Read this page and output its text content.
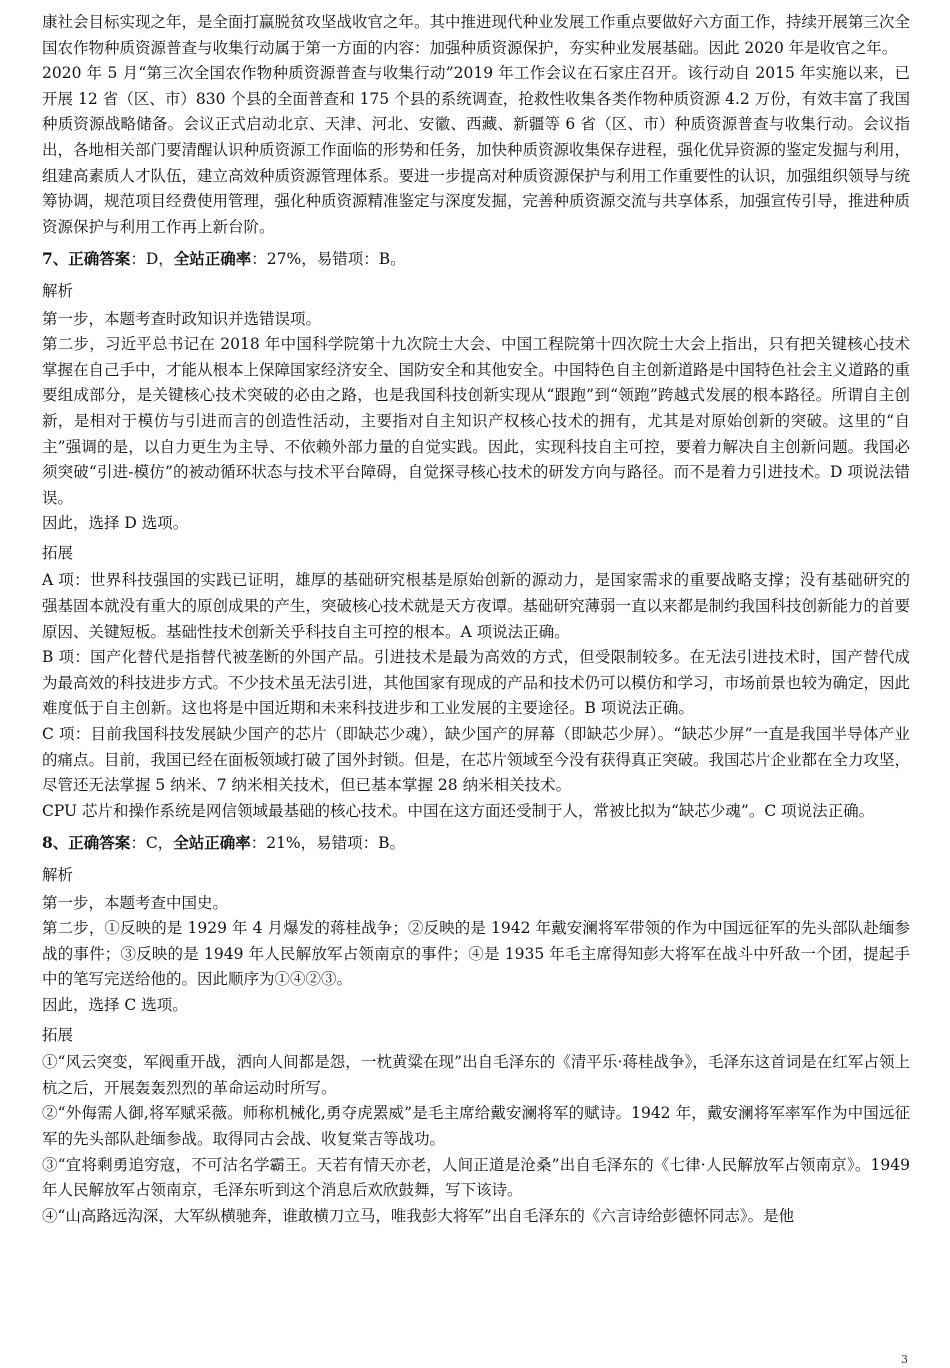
康社会目标实现之年，是全面打赢脱贫攻坚战收官之年。其中推进现代种业发展工作重点要做好六方面工作，持续开展第三次全国农作物种质资源普查与收集行动属于第一方面的内容：加强种质资源保护，夯实种业发展基础。因此 2020 年是收官之年。

2020 年 5 月“第三次全国农作物种质资源普查与收集行动”2019 年工作会议在石家庄召开。该行动自 2015 年实施以来，已开展 12 省（区、市）830 个县的全面普查和 175 个县的系统调查，抢救性收集各类作物种质资源 4.2 万份，有效丰富了我国种质资源战略储备。会议正式启动北京、天津、河北、安徽、西藏、新疆等 6 省（区、市）种质资源普查与收集行动。会议指出，各地相关部门要清醒认识种质资源工作面临的形势和任务，加快种质资源收集保存进程，强化优异资源的鉴定发掘与利用，组建高素质人才队伍，建立高效种质资源管理体系。要进一步提高对种质资源保护与利用工作重要性的认识，加强组织领导与统筹协调，规范项目经费使用管理，强化种质资源精准鉴定与深度发掘，完善种质资源交流与共享体系，加强宣传引导，推进种质资源保护与利用工作再上新台阶。

7、正确答案：D，全站正确率：27%，易错项：B。
解析

第一步，本题考查时政知识并选错误项。

第二步，习近平总书记在 2018 年中国科学院第十九次院士大会、中国工程院第十四次院士大会上指出，只有把关键核心技术掌握在自己手中，才能从根本上保障国家经济安全、国防安全和其他安全。中国特色自主创新道路是中国特色社会主义道路的重要组成部分，是关键核心技术突破的必由之路，也是我国科技创新实现从“跟跑”到“领跑”跨越式发展的根本路径。所谓自主创新，是相对于模仿与引进而言的创造性活动，主要指对自主知识产权核心技术的拥有，尤其是对原始创新的突破。这里的“自主”强调的是，以自力更生为主导、不依赖外部力量的自觉实践。因此，实现科技自主可控，要着力解决自主创新问题。我国必须突破“引进-模仿”的被动循环状态与技术平台障碍，自觉探寻核心技术的研发方向与路径。而不是着力引进技术。D 项说法错误。

因此，选择 D 选项。

拓展

A 项：世界科技强国的实践已证明，雄厚的基础研究根基是原始创新的源动力，是国家需求的重要战略支撑；没有基础研究的强基固本就没有重大的原创成果的产生，突破核心技术就是天方夜谭。基础研究薄弱一直以来都是制约我国科技创新能力的首要原因、关键短板。基础性技术创新关乎科技自主可控的根本。A 项说法正确。

B 项：国产化替代是指替代被垄断的外国产品。引进技术是最为高效的方式，但受限制较多。在无法引进技术时，国产替代成为最高效的科技进步方式。不少技术虽无法引进，其他国家有现成的产品和技术仍可以模仿和学习，市场前景也较为确定，因此难度低于自主创新。这也将是中国近期和未来科技进步和工业发展的主要途径。B 项说法正确。

C 项：目前我国科技发展缺少国产的芯片（即缺芯少魂），缺少国产的屏幕（即缺芯少屏）。“缺芯少屏”一直是我国半导体产业的痛点。目前，我国已经在面板领域打破了国外封锁。但是，在芯片领域至今没有获得真正突破。我国芯片企业都在全力攻坚，尽管还无法掌握 5 纳米、7 纳米相关技术，但已基本掌握 28 纳米相关技术。

CPU 芯片和操作系统是网信领域最基础的核心技术。中国在这方面还受制于人，常被比拟为“缺芯少魂”。C 项说法正确。

8、正确答案：C，全站正确率：21%，易错项：B。
解析

第一步，本题考查中国史。

第二步，①反映的是 1929 年 4 月爆发的蒋桂战争；②反映的是 1942 年戴安澜将军带领的作为中国远征军的先头部队赴缅参战的事件；③反映的是 1949 年人民解放军占领南京的事件；④是 1935 年毛主席得知彭大将军在战斗中歼敌一个团，提起手中的笔写完送给他的。因此顺序为①④②③。

因此，选择 C 选项。

拓展

①“风云突变，军阀重开战，洒向人间都是怨，一枕黄粱在现”出自毛泽东的《清平乐·蒋桂战争》，毛泽东这首词是在红军占领上杭之后，开展轰轰烈烈的革命运动时所写。

②“外侮需人御,将军赋采薇。师称机械化,勇夺虎罴威”是毛主席给戴安澜将军的赋诗。1942 年，戴安澜将军率军作为中国远征军的先头部队赴缅参战。取得同古会战、收复棠吉等战功。

③“宜将剩勇追穷寇，不可沽名学霸王。天若有情天亦老，人间正道是沧桑”出自毛泽东的《七律·人民解放军占领南京》。1949 年人民解放军占领南京，毛泽东听到这个消息后欢欣鼓舞，写下该诗。

④“山高路远沟深，大军纵横驰奔，谁敢横刀立马，唯我彭大将军”出自毛泽东的《六言诗给彭德怀同志》。是他

3
